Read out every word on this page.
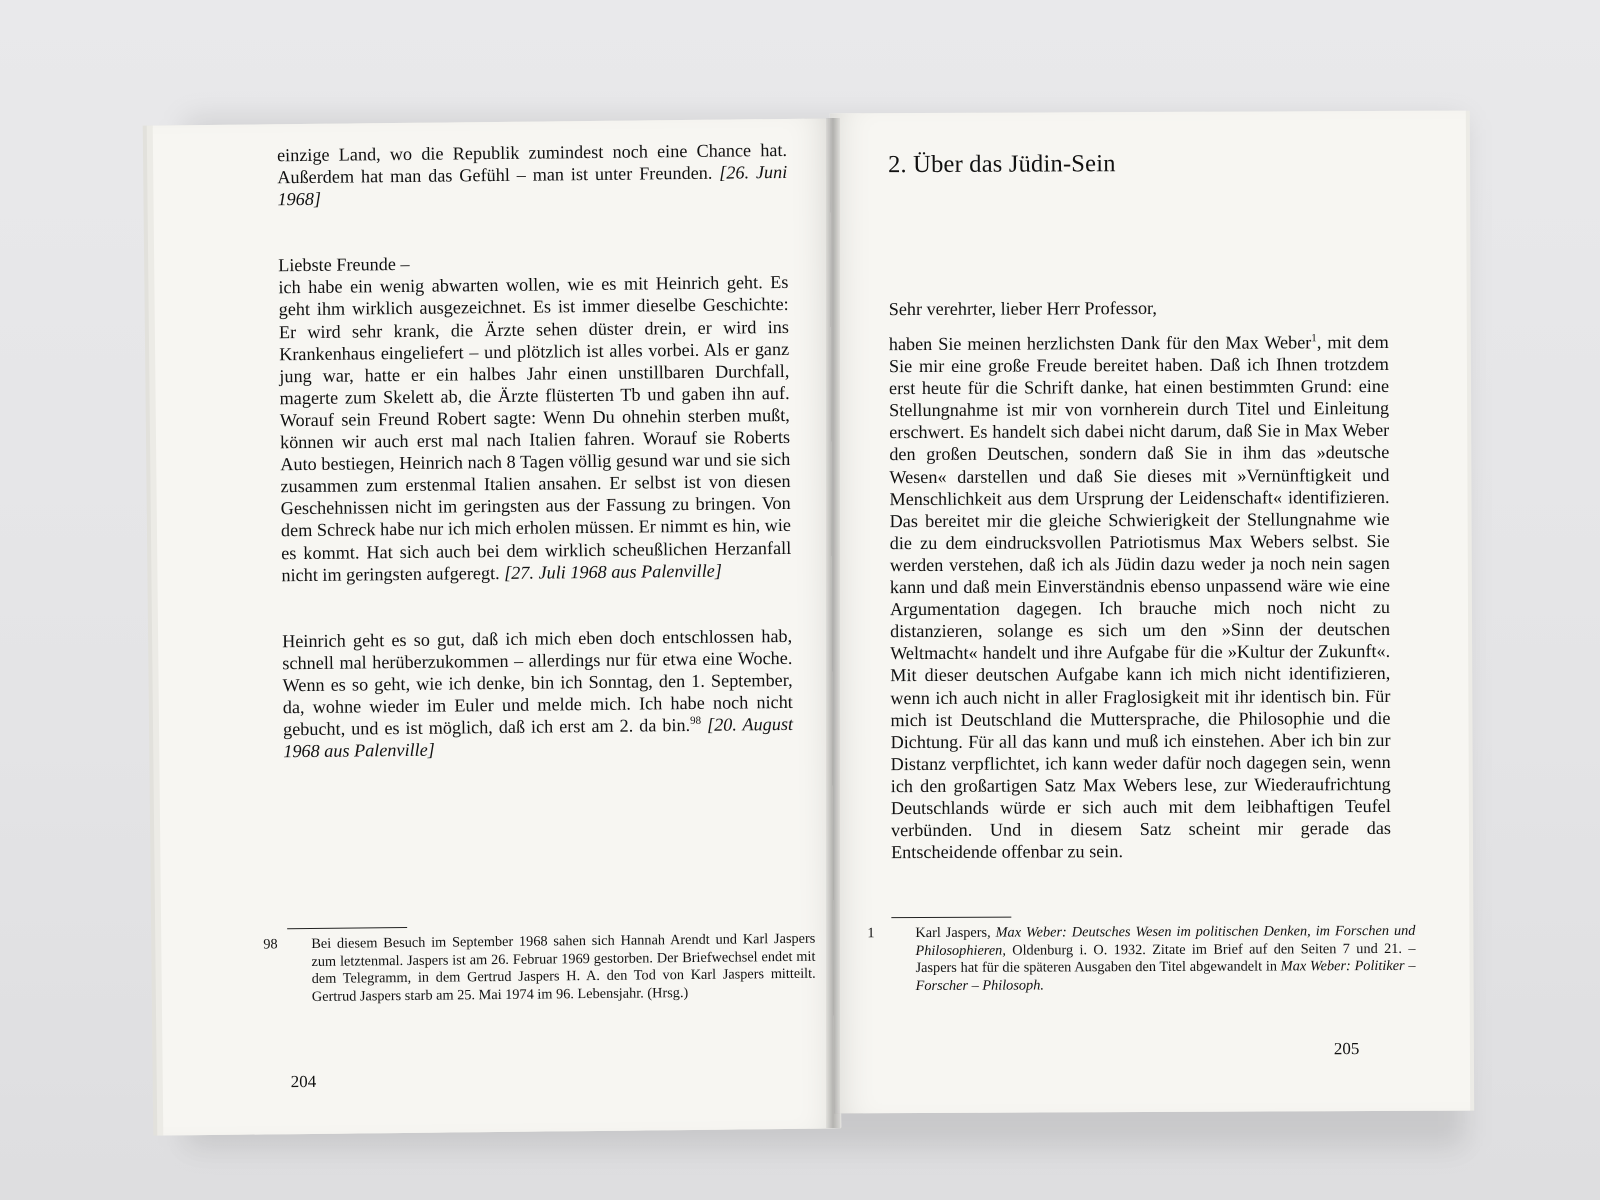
einzige Land, wo die Republik zumindest noch eine Chance hat. Außerdem hat man das Gefühl – man ist unter Freunden. [26. Juni 1968]

Liebste Freunde –

ich habe ein wenig abwarten wollen, wie es mit Heinrich geht. Es geht ihm wirklich ausgezeichnet. Es ist immer dieselbe Geschichte: Er wird sehr krank, die Ärzte sehen düster drein, er wird ins Krankenhaus eingeliefert – und plötzlich ist alles vorbei. Als er ganz jung war, hatte er ein halbes Jahr einen unstillbaren Durchfall, magerte zum Skelett ab, die Ärzte flüsterten Tb und gaben ihn auf. Worauf sein Freund Robert sagte: Wenn Du ohnehin sterben mußt, können wir auch erst mal nach Italien fahren. Worauf sie Roberts Auto bestiegen, Heinrich nach 8 Tagen völlig gesund war und sie sich zusammen zum erstenmal Italien ansahen. Er selbst ist von diesen Geschehnissen nicht im geringsten aus der Fassung zu bringen. Von dem Schreck habe nur ich mich erholen müssen. Er nimmt es hin, wie es kommt. Hat sich auch bei dem wirklich scheußlichen Herzanfall nicht im geringsten aufgeregt. [27. Juli 1968 aus Palenville]

Heinrich geht es so gut, daß ich mich eben doch entschlossen hab, schnell mal herüberzukommen – allerdings nur für etwa eine Woche. Wenn es so geht, wie ich denke, bin ich Sonntag, den 1. September, da, wohne wieder im Euler und melde mich. Ich habe noch nicht gebucht, und es ist möglich, daß ich erst am 2. da bin.$^{98}$ [20. August 1968 aus Palenville]

98 Bei diesem Besuch im September 1968 sahen sich Hannah Arendt und Karl Jaspers zum letztenmal. Jaspers ist am 26. Februar 1969 gestorben. Der Briefwechsel endet mit dem Telegramm, in dem Gertrud Jaspers H. A. den Tod von Karl Jaspers mitteilt. Gertrud Jaspers starb am 25. Mai 1974 im 96. Lebensjahr. (Hrsg.)
204
2. Über das Jüdin-Sein
Sehr verehrter, lieber Herr Professor,

haben Sie meinen herzlichsten Dank für den Max Weber$^1$, mit dem Sie mir eine große Freude bereitet haben. Daß ich Ihnen trotzdem erst heute für die Schrift danke, hat einen bestimmten Grund: eine Stellungnahme ist mir von vornherein durch Titel und Einleitung erschwert. Es handelt sich dabei nicht darum, daß Sie in Max Weber den großen Deutschen, sondern daß Sie in ihm das »deutsche Wesen« darstellen und daß Sie dieses mit »Vernünftigkeit und Menschlichkeit aus dem Ursprung der Leidenschaft« identifizieren. Das bereitet mir die gleiche Schwierigkeit der Stellungnahme wie die zu dem eindrucksvollen Patriotismus Max Webers selbst. Sie werden verstehen, daß ich als Jüdin dazu weder ja noch nein sagen kann und daß mein Einverständnis ebenso unpassend wäre wie eine Argumentation dagegen. Ich brauche mich noch nicht zu distanzieren, solange es sich um den »Sinn der deutschen Weltmacht« handelt und ihre Aufgabe für die »Kultur der Zukunft«. Mit dieser deutschen Aufgabe kann ich mich nicht identifizieren, wenn ich auch nicht in aller Fraglosigkeit mit ihr identisch bin. Für mich ist Deutschland die Muttersprache, die Philosophie und die Dichtung. Für all das kann und muß ich einstehen. Aber ich bin zur Distanz verpflichtet, ich kann weder dafür noch dagegen sein, wenn ich den großartigen Satz Max Webers lese, zur Wiederaufrichtung Deutschlands würde er sich auch mit dem leibhaftigen Teufel verbünden. Und in diesem Satz scheint mir gerade das Entscheidende offenbar zu sein.

1	Karl Jaspers, Max Weber: Deutsches Wesen im politischen Denken, im Forschen und Philosophieren, Oldenburg i. O. 1932. Zitate im Brief auf den Seiten 7 und 21. – Jaspers hat für die späteren Ausgaben den Titel abgewandelt in Max Weber: Politiker – Forscher – Philosoph.
205
